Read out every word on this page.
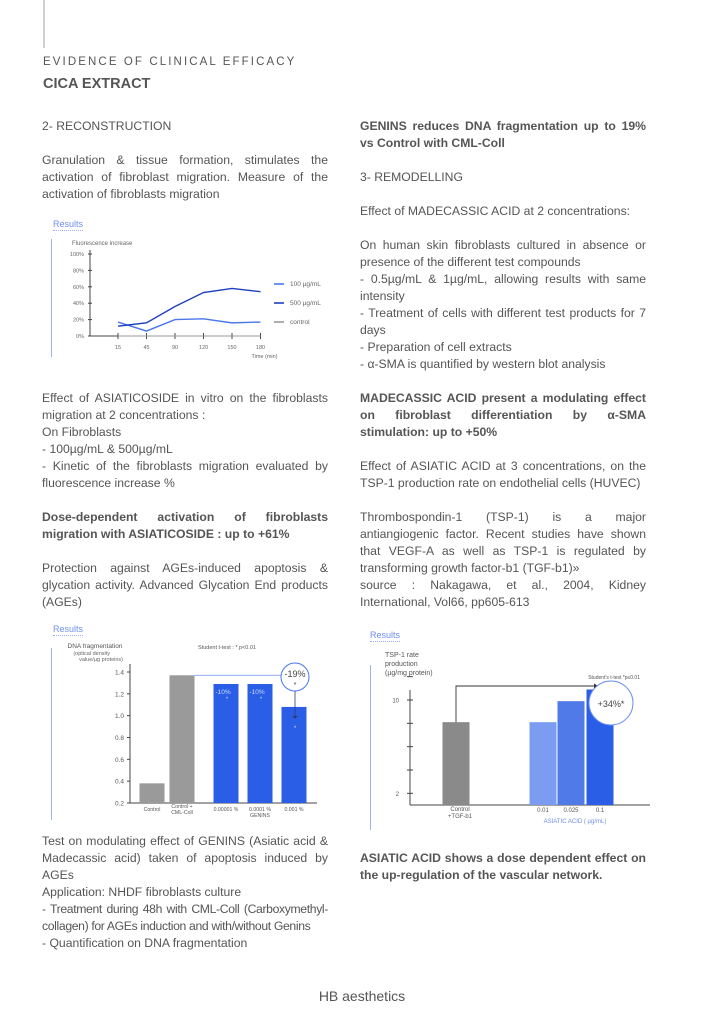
EVIDENCE OF CLINICAL EFFICACY
CICA EXTRACT

2- RECONSTRUCTION

Granulation & tissue formation, stimulates the activation of fibroblast migration. Measure of the activation of fibroblasts migration

Results
Fluorescence increase
0%
20%
40%
60%
80%
100%
15	45	90	120	150	180
Time (min)
100 µg/mL
500 µg/mL
control

Effect of ASIATICOSIDE in vitro on the fibroblasts migration at 2 concentrations :

On Fibroblasts

- 100µg/mL & 500µg/mL

- Kinetic of the fibroblasts migration evaluated by fluorescence increase %

Dose-dependent activation of fibroblasts migration with ASIATICOSIDE : up to +61%

Protection against AGEs-induced apoptosis & glycation activity. Advanced Glycation End products (AGEs)

Results
DNA fragmentation
(optical density
value/µg proteins)
Student t-test : * p<0.01
0.2
0.4
0.6
0.8
1.0
1.2
1.4
Control Control +
CML-Coll
-10%
*
0.00001 %
-10%
*
0.0001 %
*
0.001 %
GENINS
-19%
*

Test on modulating effect of GENINS (Asiatic acid & Madecassic acid) taken of apoptosis induced by AGEs

Application: NHDF fibroblasts culture

- Treatment during 48h with CML-Coll (Carboxymethyl-collagen) for AGEs induction and with/without Genins

- Quantification on DNA fragmentation

GENINS reduces DNA fragmentation up to 19% vs Control with CML-Coll

3- REMODELLING

Effect of MADECASSIC ACID at 2 concentrations:

On human skin fibroblasts cultured in absence or presence of the different test compounds

- 0.5µg/mL & 1µg/mL, allowing results with same intensity

- Treatment of cells with different test products for 7 days

- Preparation of cell extracts

- α-SMA is quantified by western blot analysis

MADECASSIC ACID present a modulating effect on fibroblast differentiation by α-SMA stimulation: up to +50%

Effect of ASIATIC ACID at 3 concentrations, on the TSP-1 production rate on endothelial cells (HUVEC)

Thrombospondin-1 (TSP-1) is a major antiangiogenic factor. Recent studies have shown that VEGF-A as well as TSP-1 is regulated by transforming growth factor-b1 (TGF-b1)»

source : Nakagawa, et al., 2004, Kidney International, Vol66, pp605-613

Results
TSP-1 rate
production
(µg/mg protein)
Student's t-test *p≤0.01
2
10
Control
+TGF-b1
0.01 0.025	0.1
ASIATIC ACID ( µg/mL)
+34%*

ASIATIC ACID shows a dose dependent effect on the up-regulation of the vascular network.

HB aesthetics
